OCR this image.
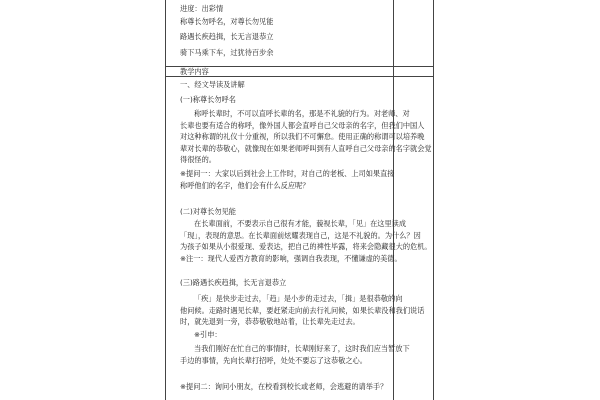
进度：出彩情
称尊长勿呼名，对尊长勿见能
路遇长疾趋揖，长无言退恭立
骑下马乘下车，过犹待百步余
教学内容
一、经文导读及讲解
(一)称尊长勿呼名
称呼长辈时，不可以直呼长辈的名，那是不礼貌的行为。对老师、对
长辈也要有适合的称呼，像外国人都会直呼自己父母亲的名字，但我们中国人
对这种称谓的礼仪十分重视，所以我们不可懈怠。使用正确的称谓可以培养晚
辈对长辈的恭敬心，就像现在如果老师呼叫到有人直呼自己父母亲的名字就会觉
得很怪的。
※提问一：大家以后到社会上工作时，对自己的老板、上司如果直接
称呼他们的名字，他们会有什么反应呢？
(二)对尊长勿见能
在长辈面前，不要表示自己很有才能，藐视长辈，「见」在这里读成
「现」，表现的意思。在长辈面前炫耀表现自己，这是不礼貌的。为什么？因
为孩子如果从小很爱现、爱表达，把自己的裨性毕露，将来会隐藏很大的危机。
※注一：现代人爱西方教育的影响，强调自我表现，不懂谦虚的美德。
(三)路遇长疾趋揖，长无言退恭立
「疾」是快步走过去，「趋」是小步的走过去，「揖」是很恭敬的向
他问候。走路时遇见长辈，要赶紧走向前去行礼问候，如果长辈没和我们说话
时，就先退到一旁，恭恭敬敬地站着，让长辈先走过去。
※引申：
当我们刚好在忙自己的事情时，长辈刚好来了，这时我们应当暂放下
手边的事情，先向长辈打招呼，处处不要忘了这恭敬之心。
※提问二：询问小朋友，在校看到校长或老师，会逃避的请举手？
